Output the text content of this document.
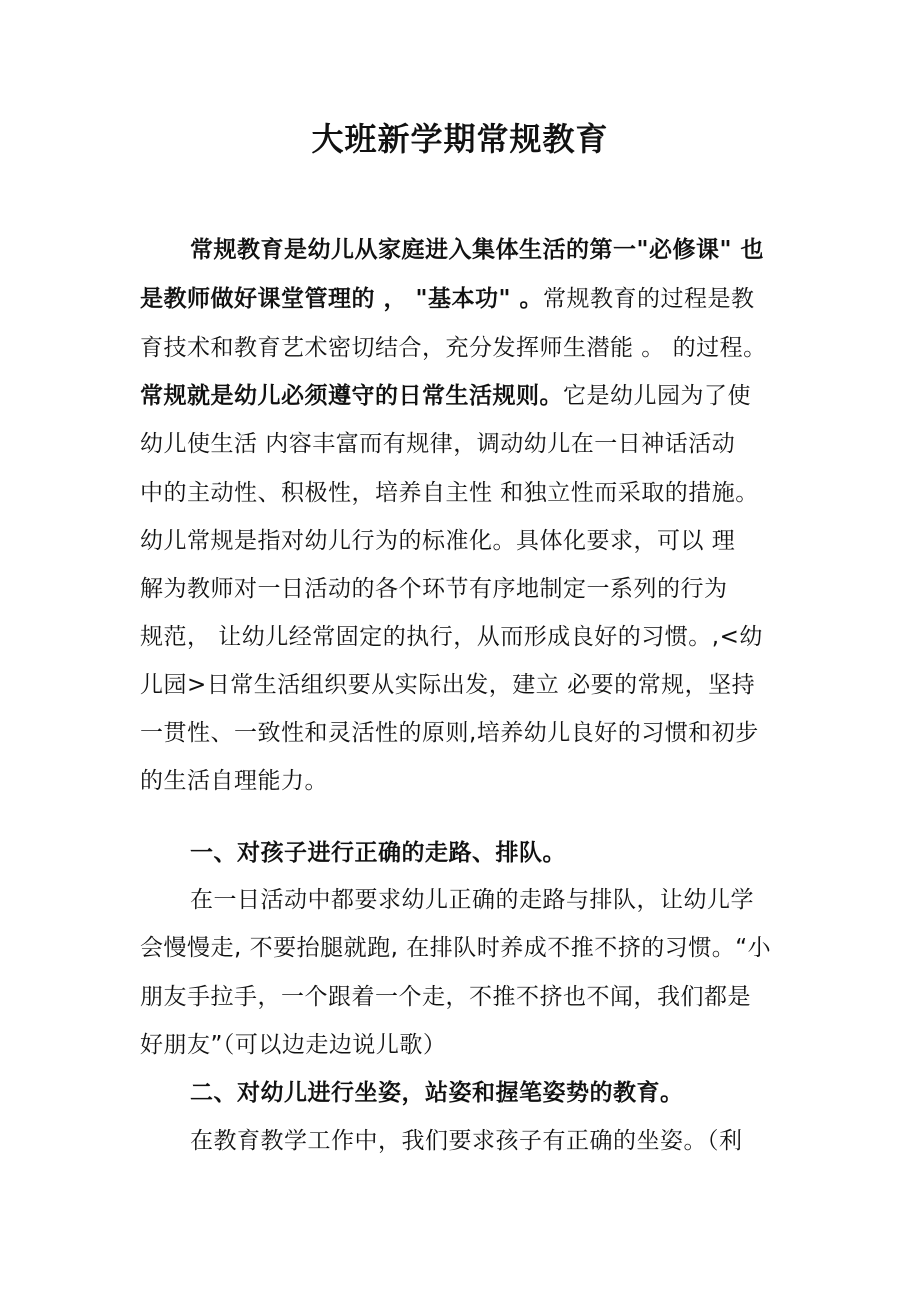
大班新学期常规教育
常规教育是幼儿从家庭进入集体生活的第一"必修课" 也
是教师做好课堂管理的 ， "基本功" 。常规教育的过程是教
育技术和教育艺术密切结合，充分发挥师生潜能 。 的过程。
常规就是幼儿必须遵守的日常生活规则。它是幼儿园为了使
幼儿使生活 内容丰富而有规律，调动幼儿在一日神话活动
中的主动性、积极性，培养自主性 和独立性而采取的措施。
幼儿常规是指对幼儿行为的标准化。具体化要求，可以 理
解为教师对一日活动的各个环节有序地制定一系列的行为
规范， 让幼儿经常固定的执行，从而形成良好的习惯。,<幼
儿园>日常生活组织要从实际出发，建立 必要的常规，坚持
一贯性、一致性和灵活性的原则,培养幼儿良好的习惯和初步
的生活自理能力。
一、对孩子进行正确的走路、排队。
在一日活动中都要求幼儿正确的走路与排队，让幼儿学
会慢慢走, 不要抬腿就跑, 在排队时养成不推不挤的习惯。“小
朋友手拉手，一个跟着一个走，不推不挤也不闻，我们都是
好朋友”（可以边走边说儿歌）
二、对幼儿进行坐姿，站姿和握笔姿势的教育。
在教育教学工作中，我们要求孩子有正确的坐姿。（利
